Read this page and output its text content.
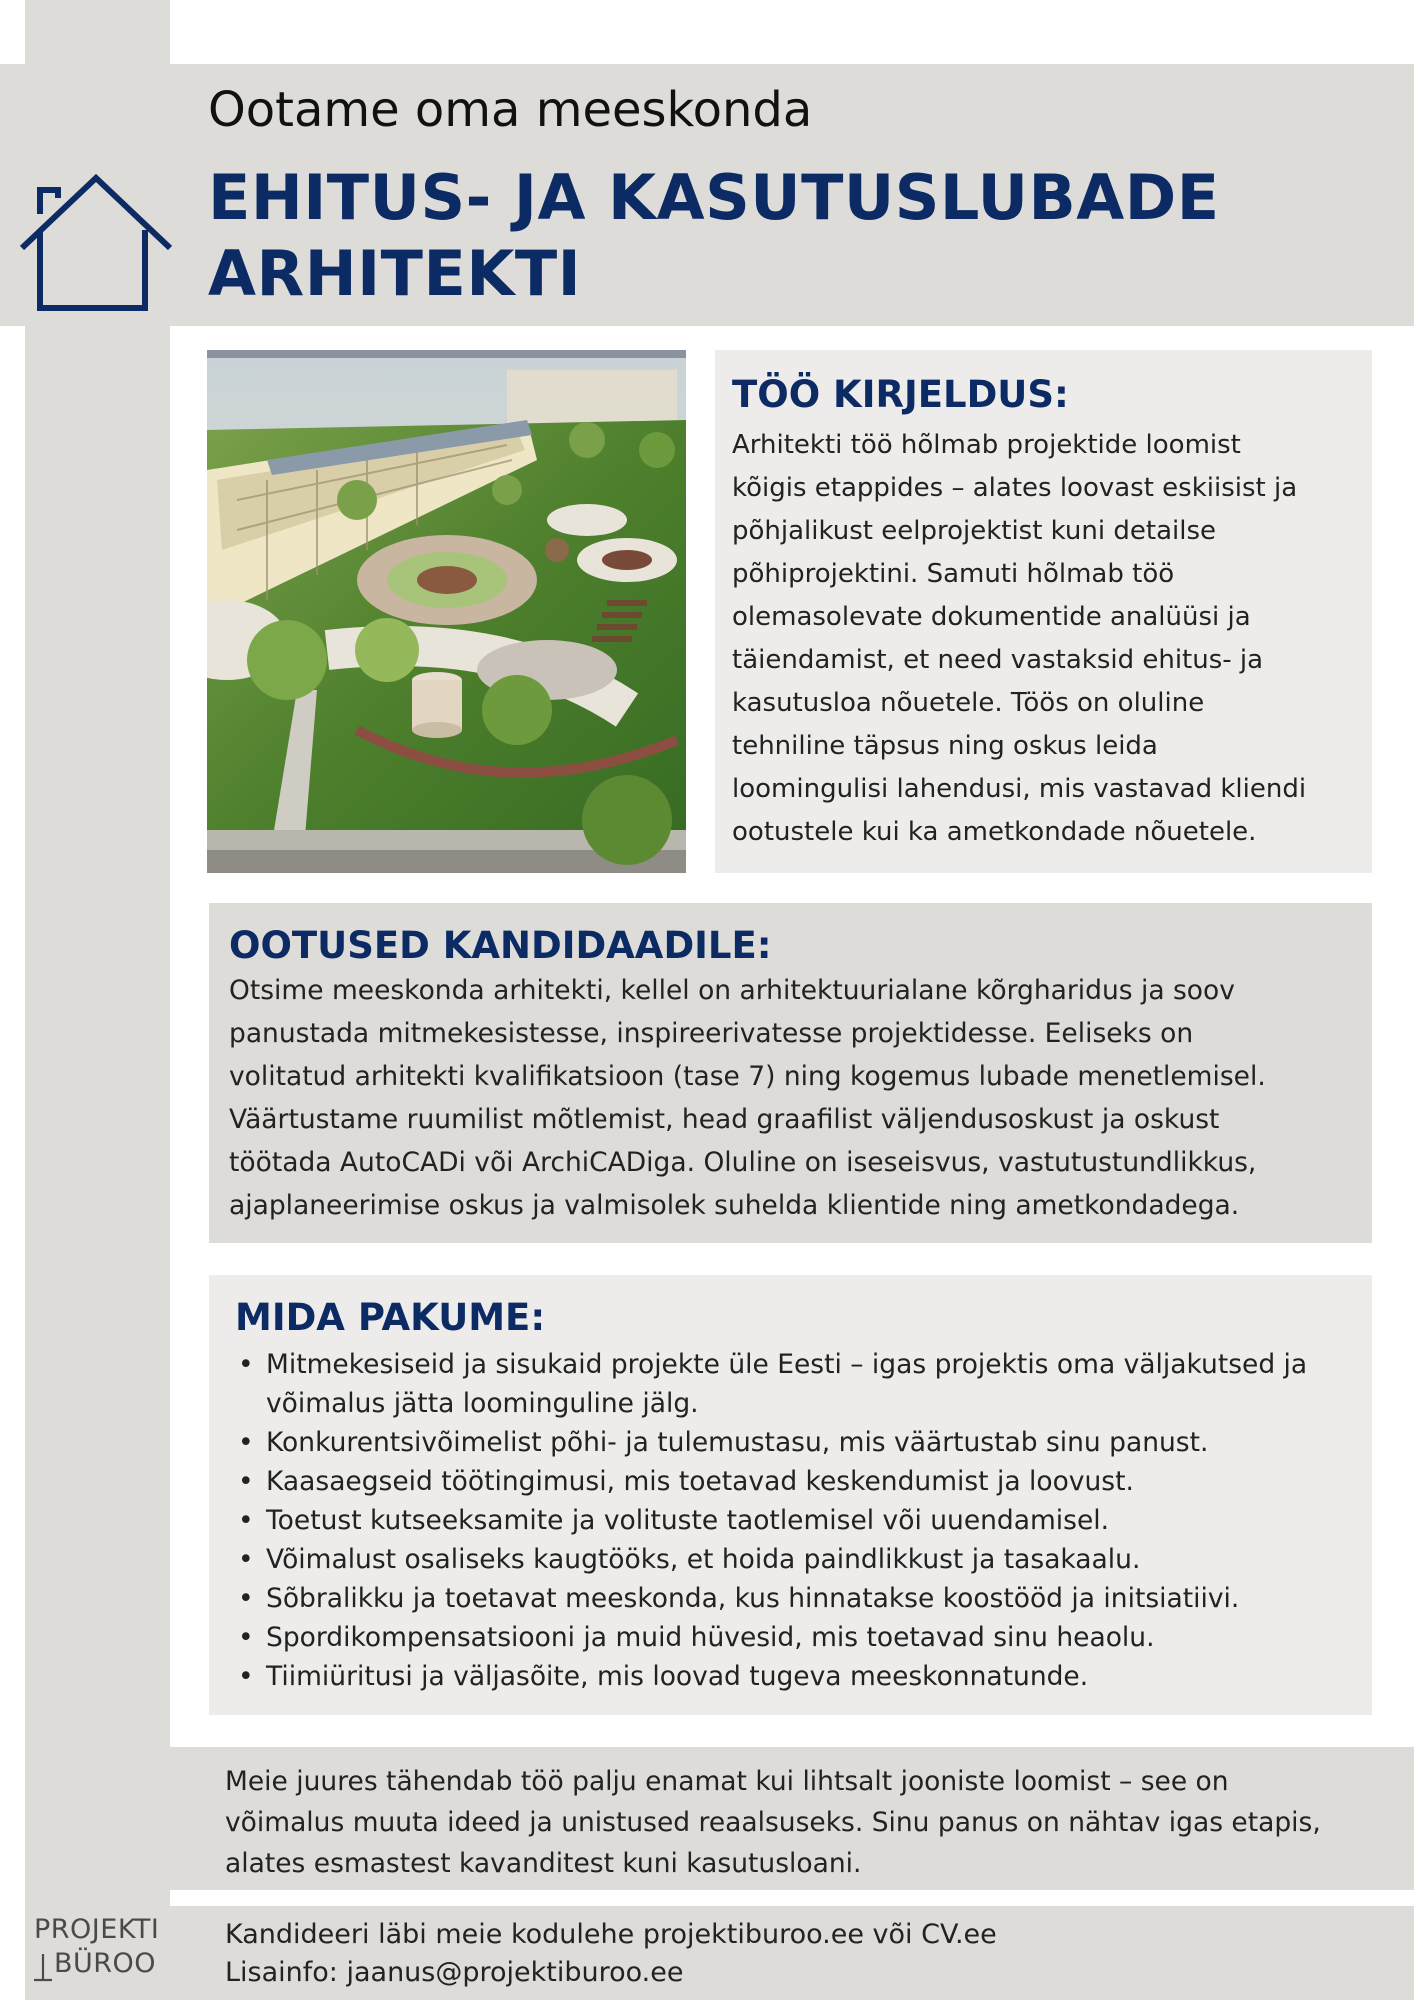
Ootame oma meeskonda
EHITUS- JA KASUTUSLUBADE
ARHITEKTI
TÖÖ KIRJELDUS:
Arhitekti töö hõlmab projektide loomist
kõigis etappides – alates loovast eskiisist ja
põhjalikust eelprojektist kuni detailse
põhiprojektini. Samuti hõlmab töö
olemasolevate dokumentide analüüsi ja
täiendamist, et need vastaksid ehitus- ja
kasutusloa nõuetele. Töös on oluline
tehniline täpsus ning oskus leida
loomingulisi lahendusi, mis vastavad kliendi
ootustele kui ka ametkondade nõuetele.
OOTUSED KANDIDAADILE:
Otsime meeskonda arhitekti, kellel on arhitektuurialane kõrgharidus ja soov
panustada mitmekesistesse, inspireerivatesse projektidesse. Eeliseks on
volitatud arhitekti kvalifikatsioon (tase 7) ning kogemus lubade menetlemisel.
Väärtustame ruumilist mõtlemist, head graafilist väljendusoskust ja oskust
töötada AutoCADi või ArchiCADiga. Oluline on iseseisvus, vastutustundlikkus,
ajaplaneerimise oskus ja valmisolek suhelda klientide ning ametkondadega.
MIDA PAKUME:
• Mitmekesiseid ja sisukaid projekte üle Eesti – igas projektis oma väljakutsed ja
võimalus jätta loominguline jälg.
• Konkurentsivõimelist põhi- ja tulemustasu, mis väärtustab sinu panust.
• Kaasaegseid töötingimusi, mis toetavad keskendumist ja loovust.
• Toetust kutseeksamite ja volituste taotlemisel või uuendamisel.
• Võimalust osaliseks kaugtööks, et hoida paindlikkust ja tasakaalu.
• Sõbralikku ja toetavat meeskonda, kus hinnatakse koostööd ja initsiatiivi.
• Spordikompensatsiooni ja muid hüvesid, mis toetavad sinu heaolu.
• Tiimiüritusi ja väljasõite, mis loovad tugeva meeskonnatunde.
Meie juures tähendab töö palju enamat kui lihtsalt jooniste loomist – see on
võimalus muuta ideed ja unistused reaalsuseks. Sinu panus on nähtav igas etapis,
alates esmastest kavanditest kuni kasutusloani.
Kandideeri läbi meie kodulehe projektiburoo.ee või CV.ee
Lisainfo: jaanus@projektiburoo.ee
PROJEKTI
BÜROO
